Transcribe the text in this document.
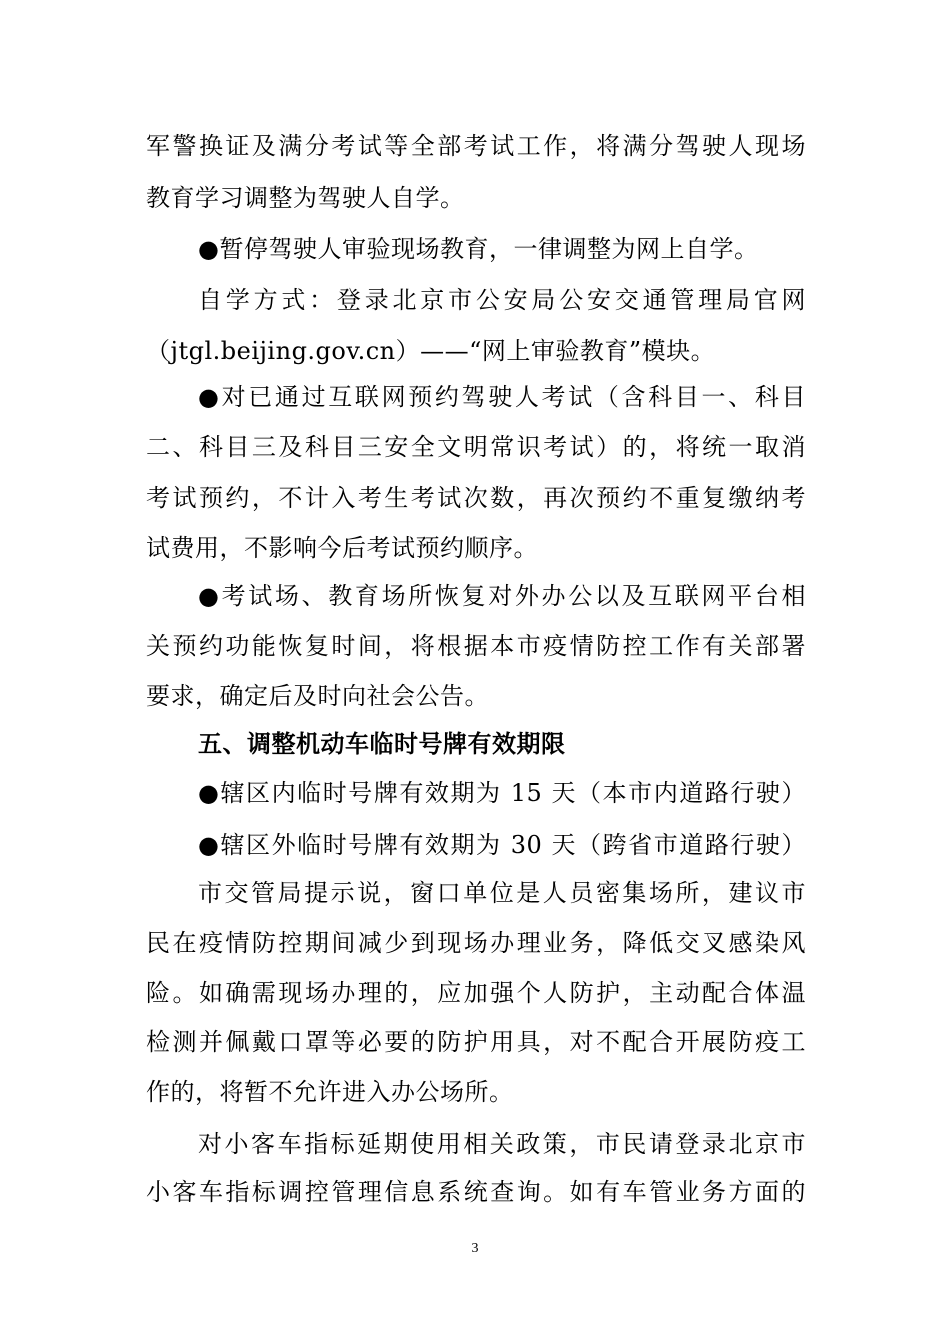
军警换证及满分考试等全部考试工作，将满分驾驶人现场
教育学习调整为驾驶人自学。
●暂停驾驶人审验现场教育，一律调整为网上自学。
自学方式：登录北京市公安局公安交通管理局官网
（jtgl.beijing.gov.cn）——“网上审验教育”模块。
●对已通过互联网预约驾驶人考试（含科目一、科目
二、科目三及科目三安全文明常识考试）的，将统一取消
考试预约，不计入考生考试次数，再次预约不重复缴纳考
试费用，不影响今后考试预约顺序。
●考试场、教育场所恢复对外办公以及互联网平台相
关预约功能恢复时间，将根据本市疫情防控工作有关部署
要求，确定后及时向社会公告。
五、调整机动车临时号牌有效期限
●辖区内临时号牌有效期为 15 天（本市内道路行驶）
●辖区外临时号牌有效期为 30 天（跨省市道路行驶）
市交管局提示说，窗口单位是人员密集场所，建议市
民在疫情防控期间减少到现场办理业务，降低交叉感染风
险。如确需现场办理的，应加强个人防护，主动配合体温
检测并佩戴口罩等必要的防护用具，对不配合开展防疫工
作的，将暂不允许进入办公场所。
对小客车指标延期使用相关政策，市民请登录北京市
小客车指标调控管理信息系统查询。如有车管业务方面的
3
